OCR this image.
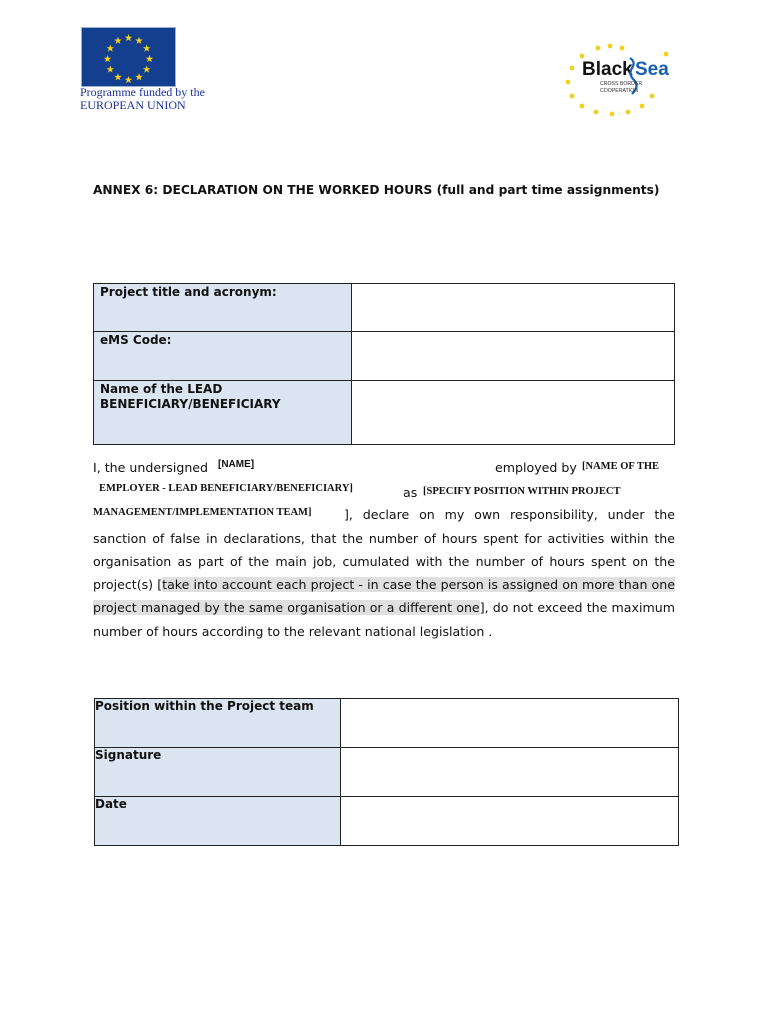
Programme funded by the
EUROPEAN UNION
Black Sea
CROSS BORDER
COOPERATION
ANNEX 6: DECLARATION ON THE WORKED HOURS (full and part time assignments)
Project title and acronym:	
eMS Code:	

Name of the LEAD
BENEFICIARY/BENEFICIARY	

I, the undersigned [NAME]	employed by [NAME OF THE
EMPLOYER - LEAD BENEFICIARY/BENEFICIARY]	as [SPECIFY POSITION WITHIN PROJECT
MANAGEMENT/IMPLEMENTATION TEAM]	], declare on my own responsibility, under the
sanction of false in declarations, that the number of hours spent for activities within the
organisation as part of the main job, cumulated with the number of hours spent on the
project(s) [take into account each project - in case the person is assigned on more than one
project managed by the same organisation or a different one], do not exceed the maximum
number of hours according to the relevant national legislation .
Position within the Project team	
Signature	
Date	
